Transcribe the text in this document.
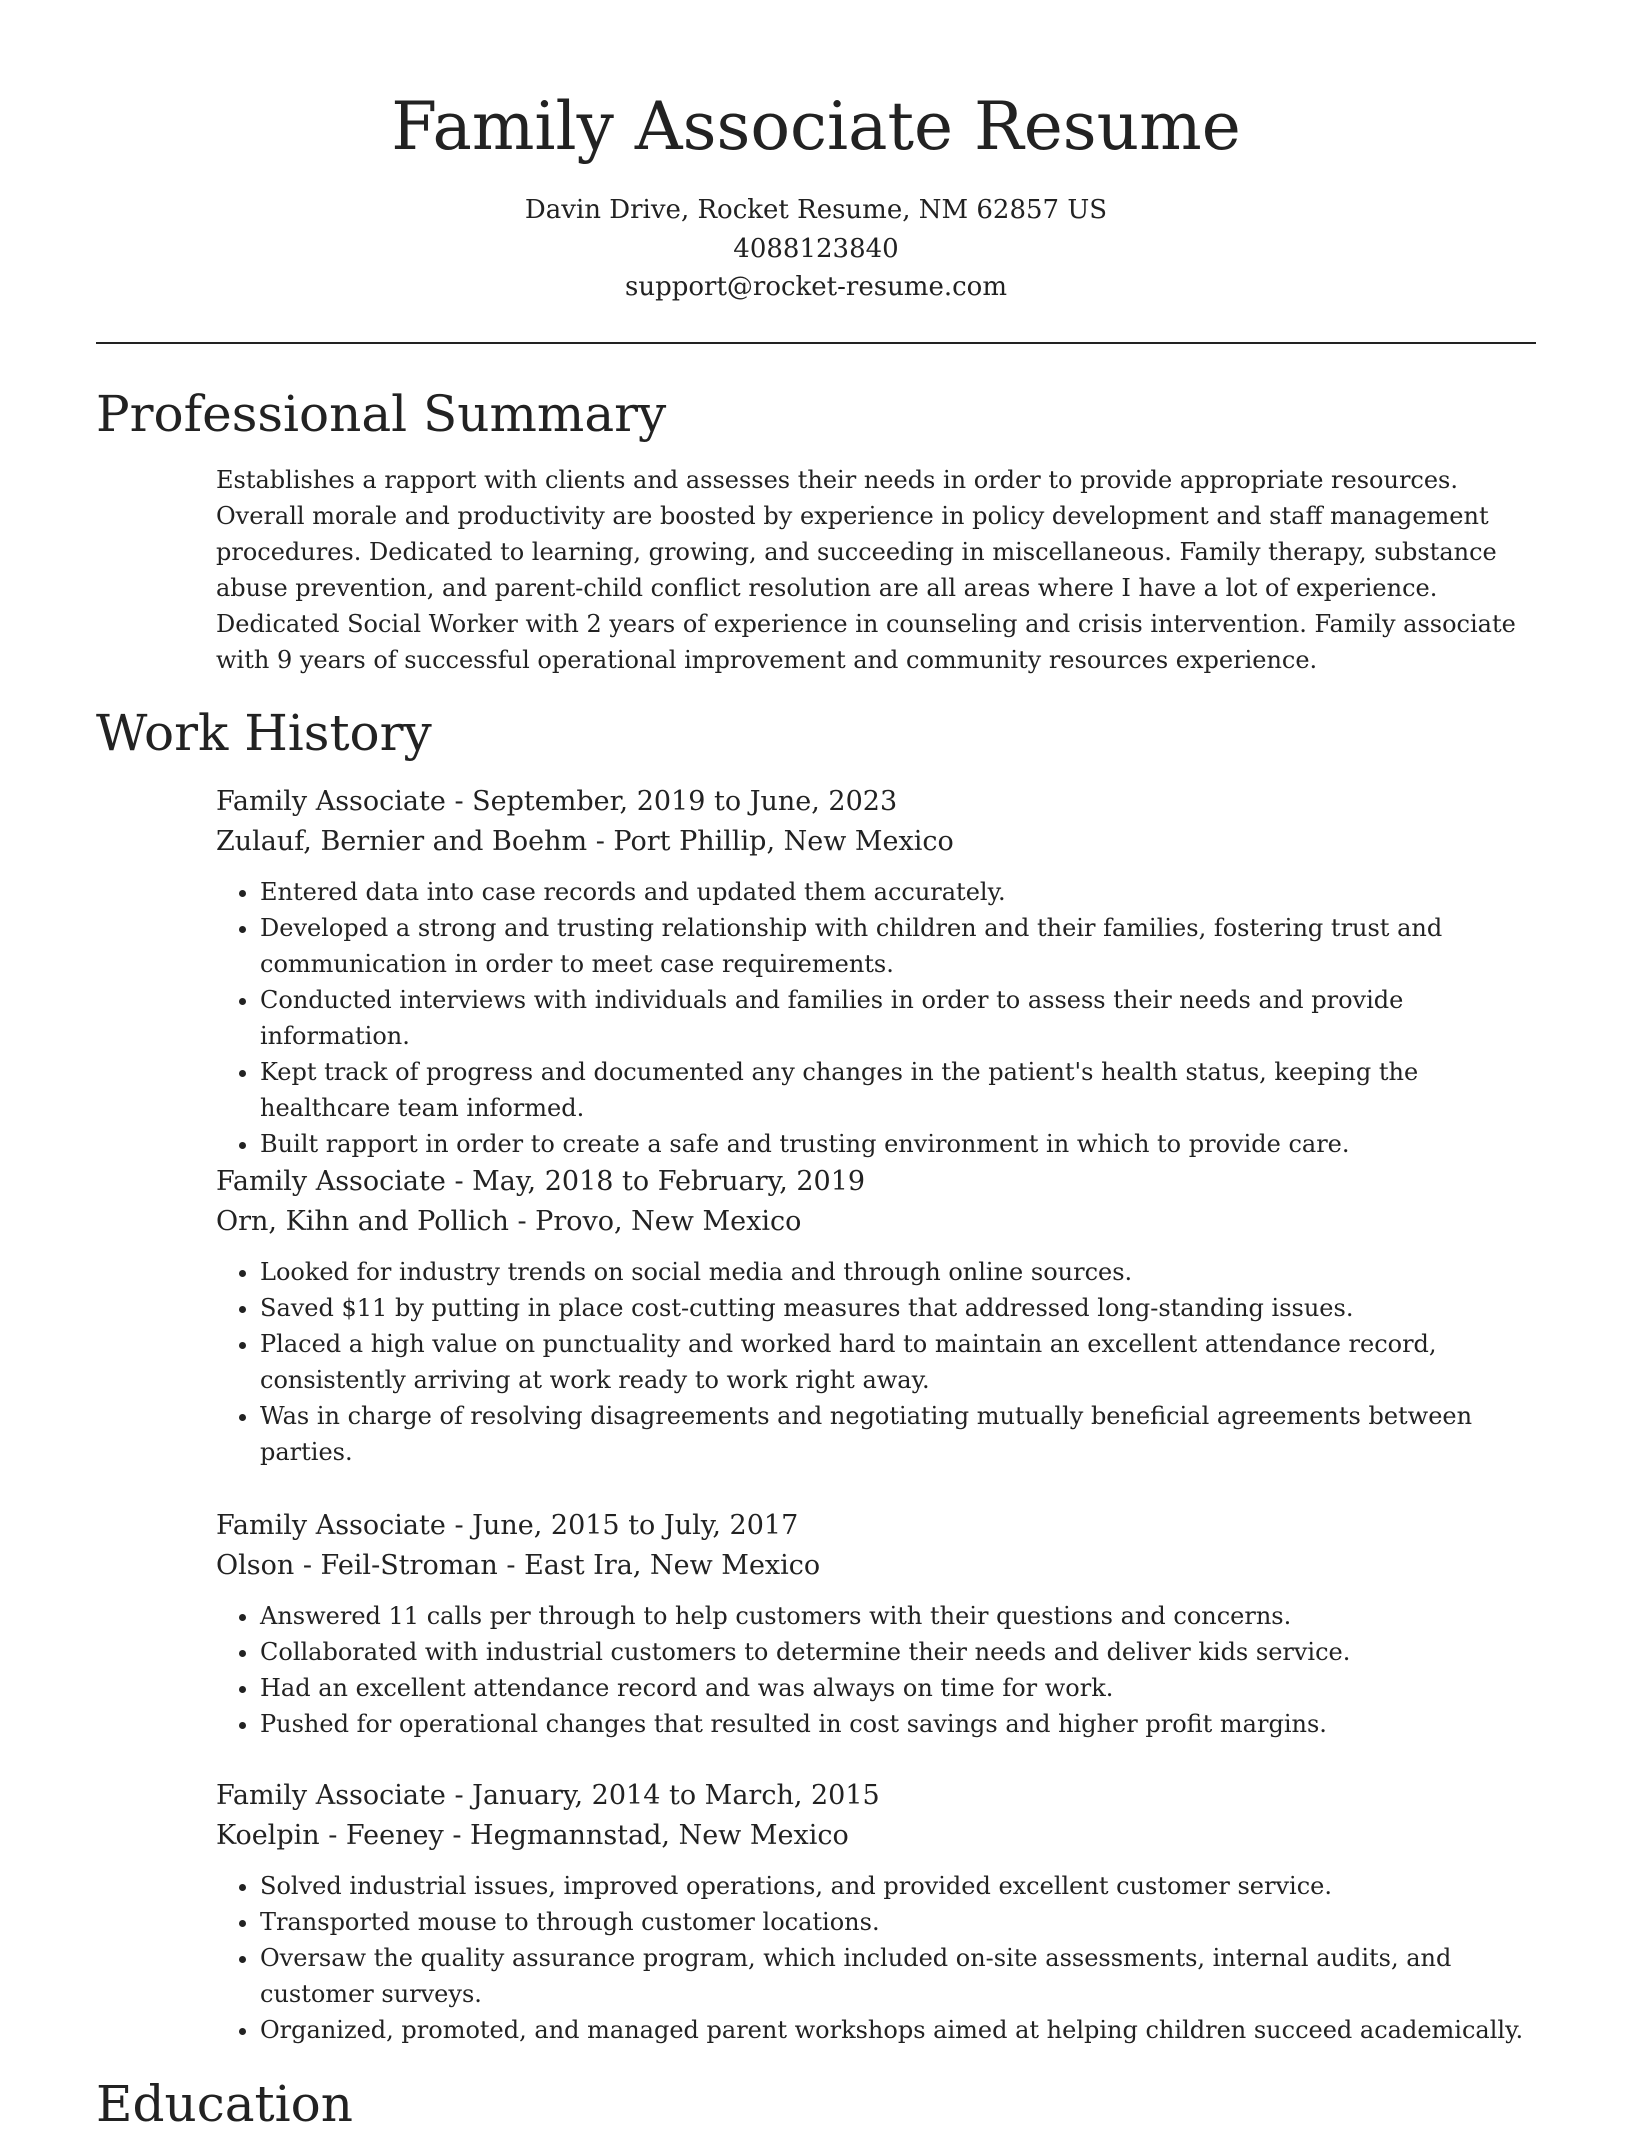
Family Associate Resume
Davin Drive, Rocket Resume, NM 62857 US
4088123840
support@rocket-resume.com
Professional Summary

Establishes a rapport with clients and assesses their needs in order to provide appropriate resources. Overall morale and productivity are boosted by experience in policy development and staff management procedures. Dedicated to learning, growing, and succeeding in miscellaneous. Family therapy, substance abuse prevention, and parent-child conflict resolution are all areas where I have a lot of experience. Dedicated Social Worker with 2 years of experience in counseling and crisis intervention. Family associate with 9 years of successful operational improvement and community resources experience.

Work History
Family Associate - September, 2019 to June, 2023
Zulauf, Bernier and Boehm - Port Phillip, New Mexico
• Entered data into case records and updated them accurately.
• Developed a strong and trusting relationship with children and their families, fostering trust and communication in order to meet case requirements.
• Conducted interviews with individuals and families in order to assess their needs and provide information.
• Kept track of progress and documented any changes in the patient's health status, keeping the healthcare team informed.
• Built rapport in order to create a safe and trusting environment in which to provide care.
Family Associate - May, 2018 to February, 2019
Orn, Kihn and Pollich - Provo, New Mexico
• Looked for industry trends on social media and through online sources.
• Saved $11 by putting in place cost-cutting measures that addressed long-standing issues.
• Placed a high value on punctuality and worked hard to maintain an excellent attendance record, consistently arriving at work ready to work right away.
• Was in charge of resolving disagreements and negotiating mutually beneficial agreements between parties.
Family Associate - June, 2015 to July, 2017
Olson - Feil-Stroman - East Ira, New Mexico
• Answered 11 calls per through to help customers with their questions and concerns.
• Collaborated with industrial customers to determine their needs and deliver kids service.
• Had an excellent attendance record and was always on time for work.
• Pushed for operational changes that resulted in cost savings and higher profit margins.
Family Associate - January, 2014 to March, 2015
Koelpin - Feeney - Hegmannstad, New Mexico
• Solved industrial issues, improved operations, and provided excellent customer service.
• Transported mouse to through customer locations.
• Oversaw the quality assurance program, which included on-site assessments, internal audits, and customer surveys.
• Organized, promoted, and managed parent workshops aimed at helping children succeed academically.
Education
